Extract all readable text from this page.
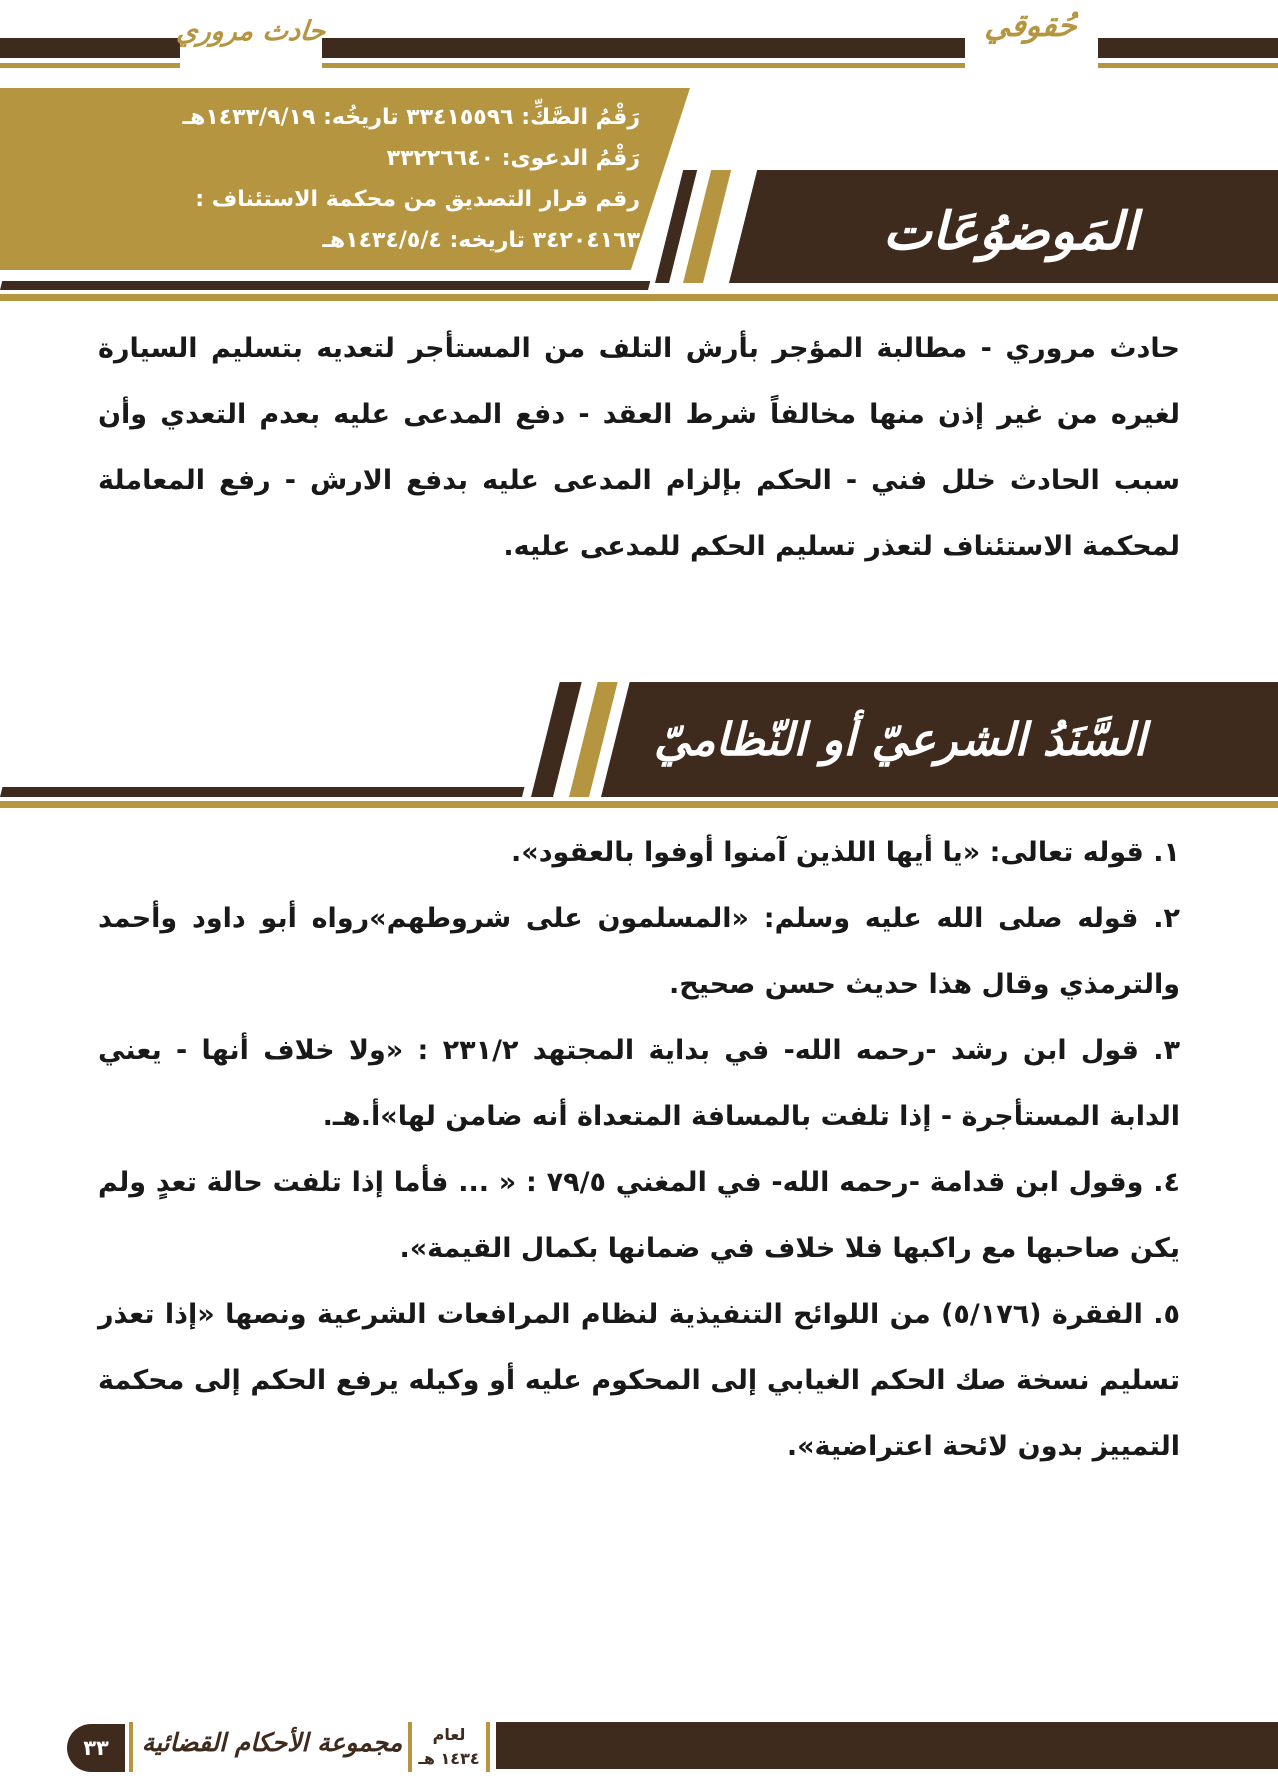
حادث مروري	حُقوقي
رَقْمُ الصَّكِّ: ٣٣٤١٥٥٩٦ تاريخُه: ١٤٣٣/٩/١٩هـ
رَقْمُ الدعوى: ٣٣٢٢٦٦٤٠
رقم قرار التصديق من محكمة الاستئناف :
٣٤٢٠٤١٦٣ تاريخه: ١٤٣٤/٥/٤هـ	المَوضوُعَات
حادث مروري - مطالبة المؤجر بأرش التلف من المستأجر لتعديه بتسليم السيارة لغيره من غير إذن منها مخالفاً شرط العقد - دفع المدعى عليه بعدم التعدي وأن سبب الحادث خلل فني - الحكم بإلزام المدعى عليه بدفع الارش - رفع المعاملة لمحكمة الاستئناف لتعذر تسليم الحكم للمدعى عليه.
السَّنَدُ الشرعيّ أو النّظاميّ

١. قوله تعالى: «يا أيها اللذين آمنوا أوفوا بالعقود».

٢. قوله صلى الله عليه وسلم: «المسلمون على شروطهم»رواه أبو داود وأحمد والترمذي وقال هذا حديث حسن صحيح.

٣. قول ابن رشد -رحمه الله- في بداية المجتهد ٢٣١/٢ : «ولا خلاف أنها - يعني الدابة المستأجرة - إذا تلفت بالمسافة المتعداة أنه ضامن لها»أ.هـ.

٤. وقول ابن قدامة -رحمه الله- في المغني ٧٩/٥ : « ... فأما إذا تلفت حالة تعدٍ ولم يكن صاحبها مع راكبها فلا خلاف في ضمانها بكمال القيمة».

٥. الفقرة (٥/١٧٦) من اللوائح التنفيذية لنظام المرافعات الشرعية ونصها «إذا تعذر تسليم نسخة صك الحكم الغيابي إلى المحكوم عليه أو وكيله يرفع الحكم إلى محكمة التمييز بدون لائحة اعتراضية».

٣٣	مجموعة الأحكام القضائية	لعام
١٤٣٤ هـ
